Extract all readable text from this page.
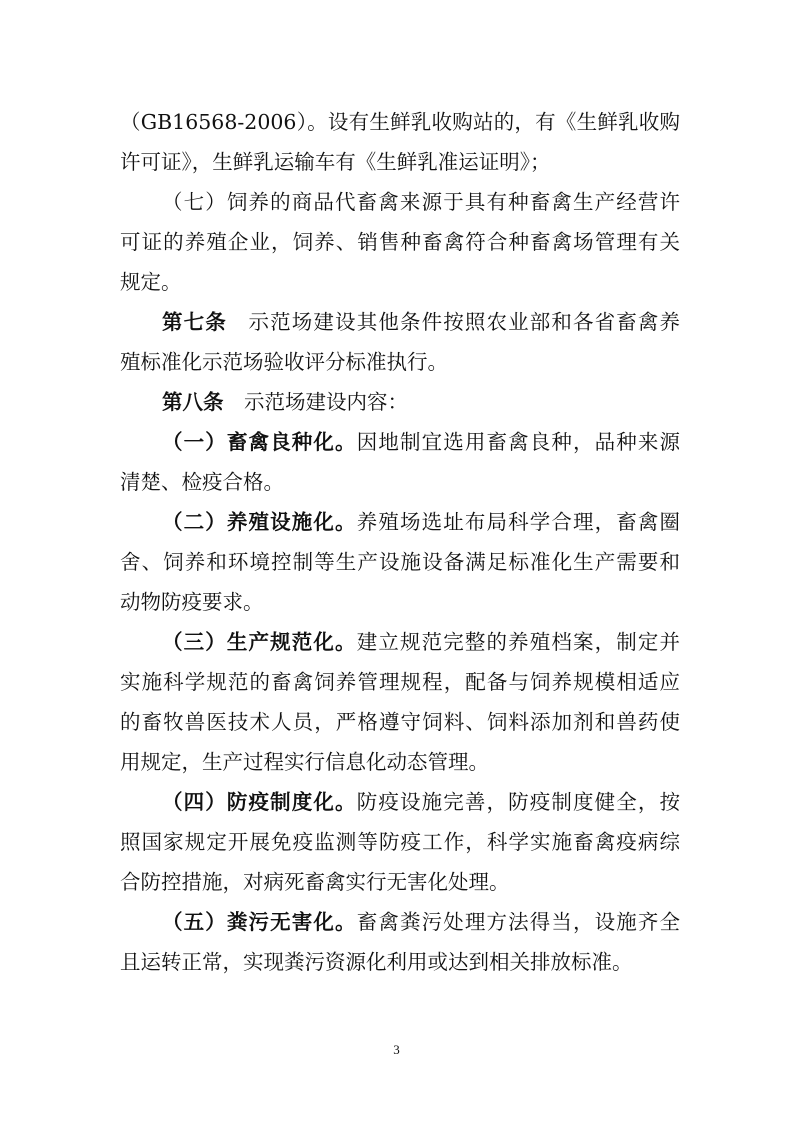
（GB16568-2006）。设有生鲜乳收购站的，有《生鲜乳收购
许可证》，生鲜乳运输车有《生鲜乳准运证明》；
（七）饲养的商品代畜禽来源于具有种畜禽生产经营许
可证的养殖企业，饲养、销售种畜禽符合种畜禽场管理有关
规定。
第七条  示范场建设其他条件按照农业部和各省畜禽养
殖标准化示范场验收评分标准执行。
第八条  示范场建设内容：
（一）畜禽良种化。因地制宜选用畜禽良种，品种来源
清楚、检疫合格。
（二）养殖设施化。养殖场选址布局科学合理，畜禽圈
舍、饲养和环境控制等生产设施设备满足标准化生产需要和
动物防疫要求。
（三）生产规范化。建立规范完整的养殖档案，制定并
实施科学规范的畜禽饲养管理规程，配备与饲养规模相适应
的畜牧兽医技术人员，严格遵守饲料、饲料添加剂和兽药使
用规定，生产过程实行信息化动态管理。
（四）防疫制度化。防疫设施完善，防疫制度健全，按
照国家规定开展免疫监测等防疫工作，科学实施畜禽疫病综
合防控措施，对病死畜禽实行无害化处理。
（五）粪污无害化。畜禽粪污处理方法得当，设施齐全
且运转正常，实现粪污资源化利用或达到相关排放标准。
3
